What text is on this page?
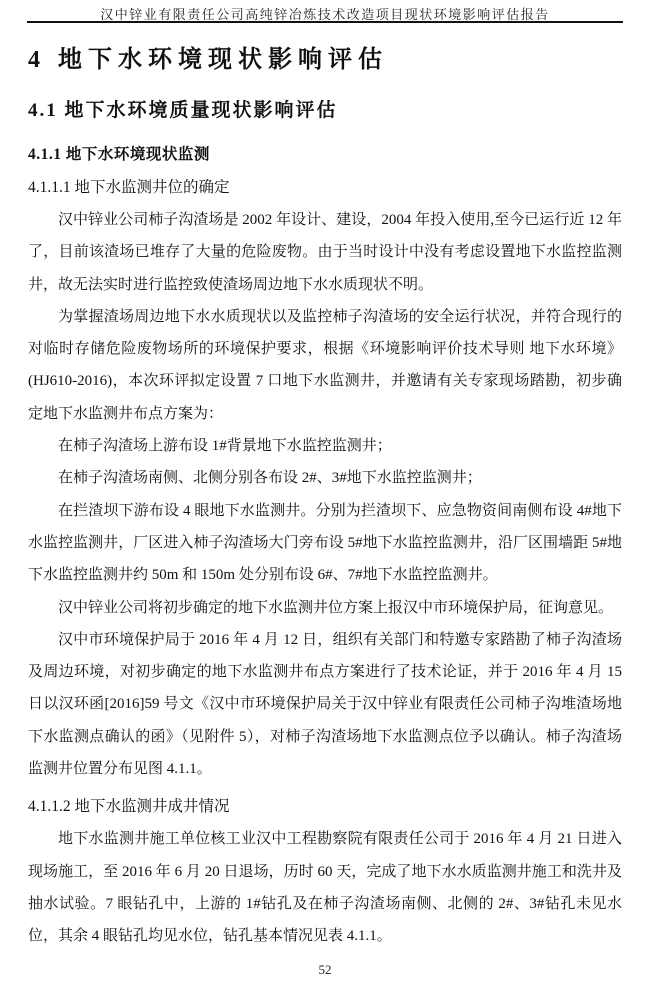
汉中锌业有限责任公司高纯锌冶炼技术改造项目现状环境影响评估报告
4 地下水环境现状影响评估
4.1 地下水环境质量现状影响评估
4.1.1 地下水环境现状监测
4.1.1.1 地下水监测井位的确定
汉中锌业公司柿子沟渣场是 2002 年设计、建设，2004 年投入使用,至今已运行近 12 年了，目前该渣场已堆存了大量的危险废物。由于当时设计中没有考虑设置地下水监控监测井，故无法实时进行监控致使渣场周边地下水水质现状不明。
为掌握渣场周边地下水水质现状以及监控柿子沟渣场的安全运行状况，并符合现行的对临时存储危险废物场所的环境保护要求，根据《环境影响评价技术导则 地下水环境》(HJ610-2016)，本次环评拟定设置 7 口地下水监测井，并邀请有关专家现场踏勘，初步确定地下水监测井布点方案为：
在柿子沟渣场上游布设 1#背景地下水监控监测井；
在柿子沟渣场南侧、北侧分别各布设 2#、3#地下水监控监测井；
在拦渣坝下游布设 4 眼地下水监测井。分别为拦渣坝下、应急物资间南侧布设 4#地下水监控监测井，厂区进入柿子沟渣场大门旁布设 5#地下水监控监测井，沿厂区围墙距 5#地下水监控监测井约 50m 和 150m 处分别布设 6#、7#地下水监控监测井。
汉中锌业公司将初步确定的地下水监测井位方案上报汉中市环境保护局，征询意见。
汉中市环境保护局于 2016 年 4 月 12 日，组织有关部门和特邀专家踏勘了柿子沟渣场及周边环境，对初步确定的地下水监测井布点方案进行了技术论证，并于 2016 年 4 月 15 日以汉环函[2016]59 号文《汉中市环境保护局关于汉中锌业有限责任公司柿子沟堆渣场地下水监测点确认的函》（见附件 5），对柿子沟渣场地下水监测点位予以确认。柿子沟渣场监测井位置分布见图 4.1.1。
4.1.1.2 地下水监测井成井情况
地下水监测井施工单位核工业汉中工程勘察院有限责任公司于 2016 年 4 月 21 日进入现场施工，至 2016 年 6 月 20 日退场，历时 60 天，完成了地下水水质监测井施工和洗井及抽水试验。7 眼钻孔中，上游的 1#钻孔及在柿子沟渣场南侧、北侧的 2#、3#钻孔未见水位，其余 4 眼钻孔均见水位，钻孔基本情况见表 4.1.1。
52
